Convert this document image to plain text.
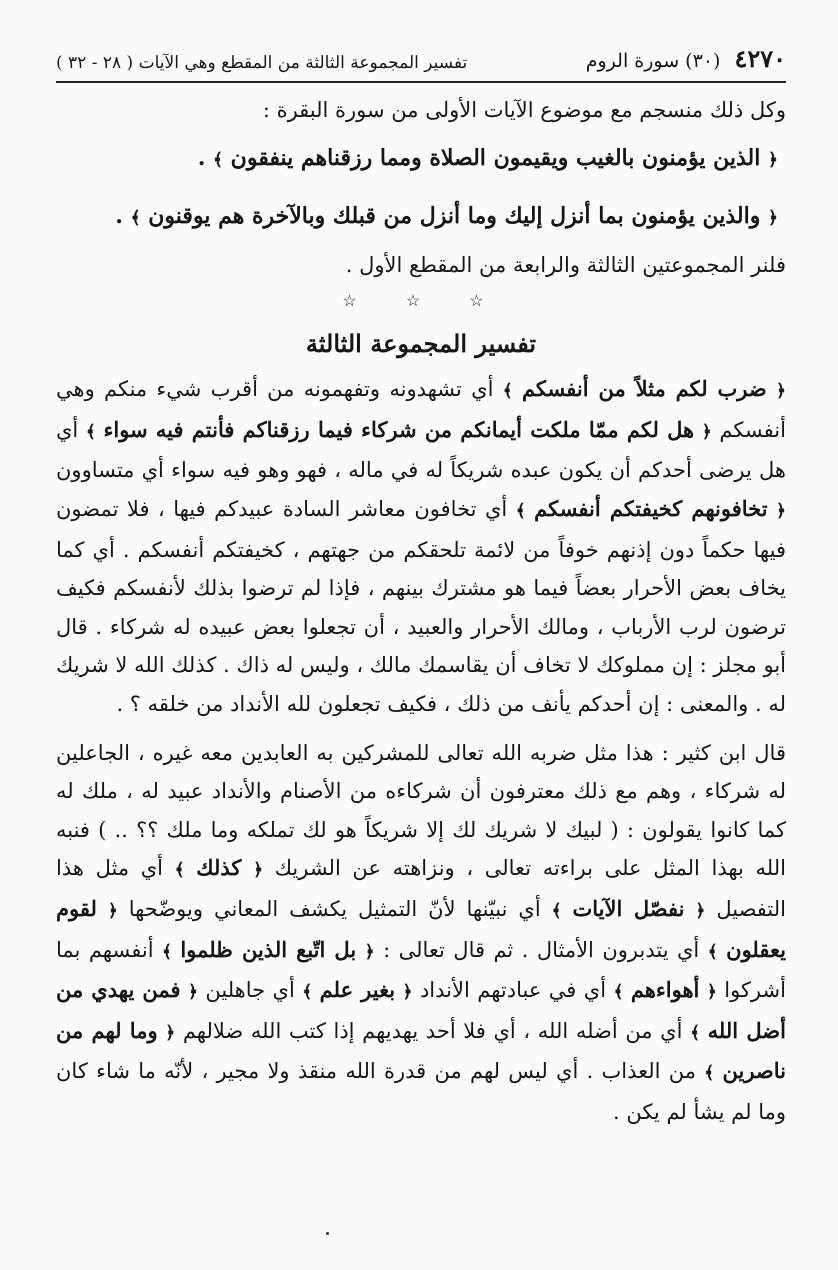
٤٢٧٠
(٣٠) سورة الروم
تفسير المجموعة الثالثة من المقطع وهي الآيات ( ٢٨ - ٣٢ )

وكل ذلك منسجم مع موضوع الآيات الأولى من سورة البقرة :

﴿ الذين يؤمنون بالغيب ويقيمون الصلاة ومما رزقناهم ينفقون ﴾ .
﴿ والذين يؤمنون بما أنزل إليك وما أنزل من قبلك وبالآخرة هم يوقنون ﴾ .

فلنر المجموعتين الثالثة والرابعة من المقطع الأول .

☆ ☆ ☆
تفسير المجموعة الثالثة

﴿ ضرب لكم مثلاً من أنفسكم ﴾ أي تشهدونه وتفهمونه من أقرب شيء منكم وهي أنفسكم ﴿ هل لكم ممّا ملكت أيمانكم من شركاء فيما رزقناكم فأنتم فيه سواء ﴾ أي هل يرضى أحدكم أن يكون عبده شريكاً له في ماله ، فهو وهو فيه سواء أي متساوون ﴿ تخافونهم كخيفتكم أنفسكم ﴾ أي تخافون معاشر السادة عبيدكم فيها ، فلا تمضون فيها حكماً دون إذنهم خوفاً من لائمة تلحقكم من جهتهم ، كخيفتكم أنفسكم . أي كما يخاف بعض الأحرار بعضاً فيما هو مشترك بينهم ، فإذا لم ترضوا بذلك لأنفسكم فكيف ترضون لرب الأرباب ، ومالك الأحرار والعبيد ، أن تجعلوا بعض عبيده له شركاء . قال أبو مجلز : إن مملوكك لا تخاف أن يقاسمك مالك ، وليس له ذاك . كذلك الله لا شريك له . والمعنى : إن أحدكم يأنف من ذلك ، فكيف تجعلون لله الأنداد من خلقه ؟ .

قال ابن كثير : هذا مثل ضربه الله تعالى للمشركين به العابدين معه غيره ، الجاعلين له شركاء ، وهم مع ذلك معترفون أن شركاءه من الأصنام والأنداد عبيد له ، ملك له كما كانوا يقولون : ( لبيك لا شريك لك إلا شريكاً هو لك تملكه وما ملك ؟؟ .. ) فنبه الله بهذا المثل على براءته تعالى ، ونزاهته عن الشريك ﴿ كذلك ﴾ أي مثل هذا التفصيل ﴿ نفصّل الآيات ﴾ أي نبيّنها لأنّ التمثيل يكشف المعاني ويوضّحها ﴿ لقوم يعقلون ﴾ أي يتدبرون الأمثال . ثم قال تعالى : ﴿ بل اتّبع الذين ظلموا ﴾ أنفسهم بما أشركوا ﴿ أهواءهم ﴾ أي في عبادتهم الأنداد ﴿ بغير علم ﴾ أي جاهلين ﴿ فمن يهدي من أضل الله ﴾ أي من أضله الله ، أي فلا أحد يهديهم إذا كتب الله ضلالهم ﴿ وما لهم من ناصرين ﴾ من العذاب . أي ليس لهم من قدرة الله منقذ ولا مجير ، لأنّه ما شاء كان وما لم يشأ لم يكن .
